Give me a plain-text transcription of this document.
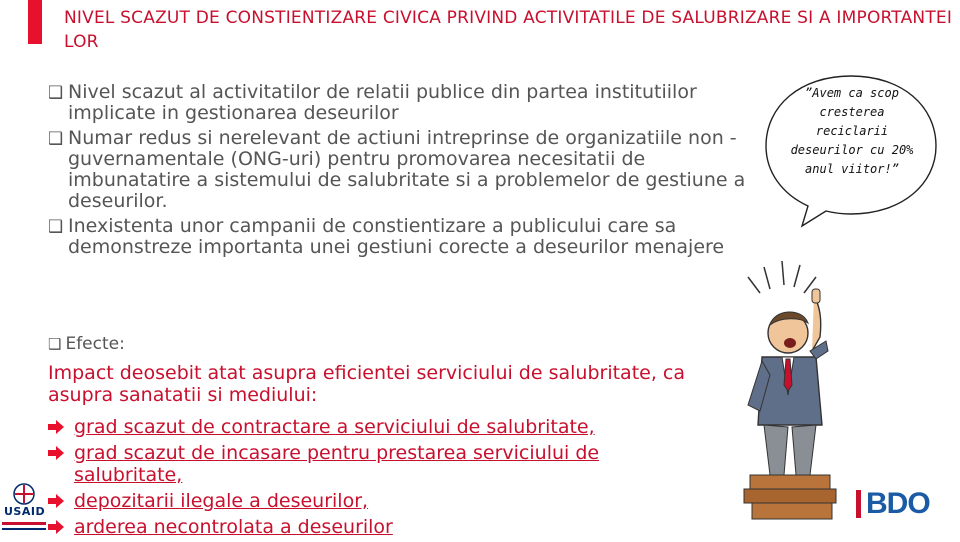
NIVEL SCAZUT DE CONSTIENTIZARE CIVICA PRIVIND ACTIVITATILE DE SALUBRIZARE SI A IMPORTANTEI LOR
❑ Nivel scazut al activitatilor de relatii publice din partea institutiilor implicate in gestionarea deseurilor
❑ Numar redus si nerelevant de actiuni intreprinse de organizatiile non -guvernamentale (ONG-uri) pentru promovarea necesitatii de imbunatatire a sistemului de salubritate si a problemelor de gestiune a deseurilor.
❑ Inexistenta unor campanii de constientizare a publicului care sa demonstreze importanta unei gestiuni corecte a deseurilor menajere
❑ Efecte:
Impact deosebit atat asupra eficientei serviciului de salubritate, ca asupra sanatatii si mediului:
grad scazut de contractare a serviciului de salubritate,
grad scazut de incasare pentru prestarea serviciului de salubritate,
depozitarii ilegale a deseurilor,
arderea necontrolata a deseurilor
”Avem ca scop cresterea reciclarii deseurilor cu 20% anul viitor!”
USAID	BDO
